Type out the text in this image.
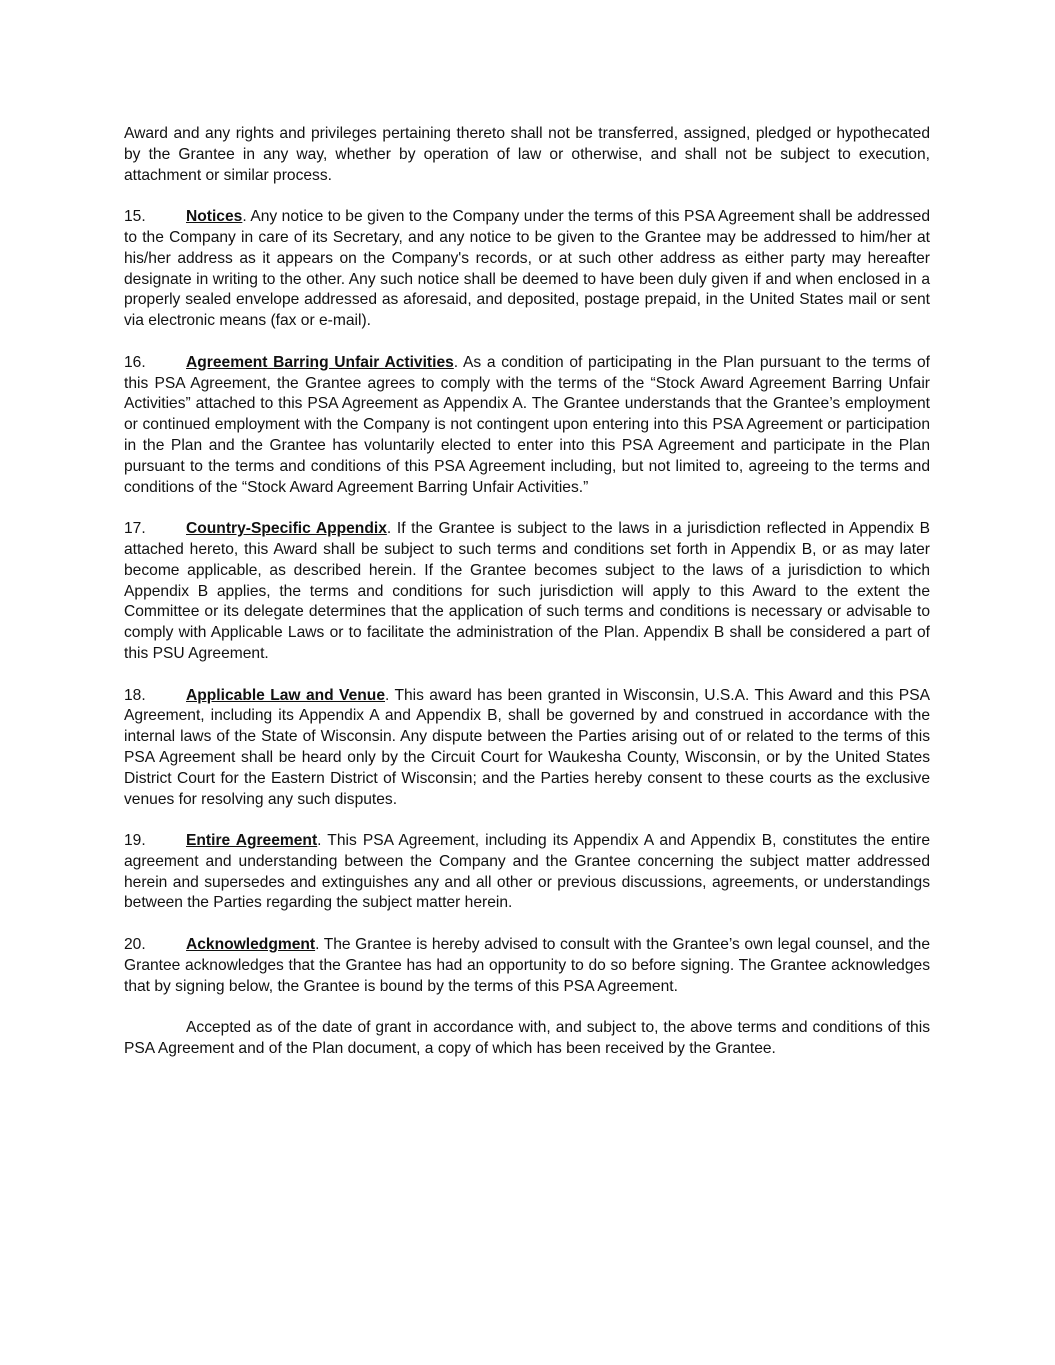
Award and any rights and privileges pertaining thereto shall not be transferred, assigned, pledged or hypothecated by the Grantee in any way, whether by operation of law or otherwise, and shall not be subject to execution, attachment or similar process.

15.	Notices. Any notice to be given to the Company under the terms of this PSA Agreement shall be addressed to the Company in care of its Secretary, and any notice to be given to the Grantee may be addressed to him/her at his/her address as it appears on the Company's records, or at such other address as either party may hereafter designate in writing to the other. Any such notice shall be deemed to have been duly given if and when enclosed in a properly sealed envelope addressed as aforesaid, and deposited, postage prepaid, in the United States mail or sent via electronic means (fax or e-mail).

16.	Agreement Barring Unfair Activities. As a condition of participating in the Plan pursuant to the terms of this PSA Agreement, the Grantee agrees to comply with the terms of the “Stock Award Agreement Barring Unfair Activities” attached to this PSA Agreement as Appendix A. The Grantee understands that the Grantee’s employment or continued employment with the Company is not contingent upon entering into this PSA Agreement or participation in the Plan and the Grantee has voluntarily elected to enter into this PSA Agreement and participate in the Plan pursuant to the terms and conditions of this PSA Agreement including, but not limited to, agreeing to the terms and conditions of the “Stock Award Agreement Barring Unfair Activities.”

17.	Country-Specific Appendix. If the Grantee is subject to the laws in a jurisdiction reflected in Appendix B attached hereto, this Award shall be subject to such terms and conditions set forth in Appendix B, or as may later become applicable, as described herein. If the Grantee becomes subject to the laws of a jurisdiction to which Appendix B applies, the terms and conditions for such jurisdiction will apply to this Award to the extent the Committee or its delegate determines that the application of such terms and conditions is necessary or advisable to comply with Applicable Laws or to facilitate the administration of the Plan. Appendix B shall be considered a part of this PSU Agreement.

18.	Applicable Law and Venue. This award has been granted in Wisconsin, U.S.A. This Award and this PSA Agreement, including its Appendix A and Appendix B, shall be governed by and construed in accordance with the internal laws of the State of Wisconsin. Any dispute between the Parties arising out of or related to the terms of this PSA Agreement shall be heard only by the Circuit Court for Waukesha County, Wisconsin, or by the United States District Court for the Eastern District of Wisconsin; and the Parties hereby consent to these courts as the exclusive venues for resolving any such disputes.

19.	Entire Agreement. This PSA Agreement, including its Appendix A and Appendix B, constitutes the entire agreement and understanding between the Company and the Grantee concerning the subject matter addressed herein and supersedes and extinguishes any and all other or previous discussions, agreements, or understandings between the Parties regarding the subject matter herein.

20.	Acknowledgment. The Grantee is hereby advised to consult with the Grantee’s own legal counsel, and the Grantee acknowledges that the Grantee has had an opportunity to do so before signing. The Grantee acknowledges that by signing below, the Grantee is bound by the terms of this PSA Agreement.

Accepted as of the date of grant in accordance with, and subject to, the above terms and conditions of this PSA Agreement and of the Plan document, a copy of which has been received by the Grantee.
